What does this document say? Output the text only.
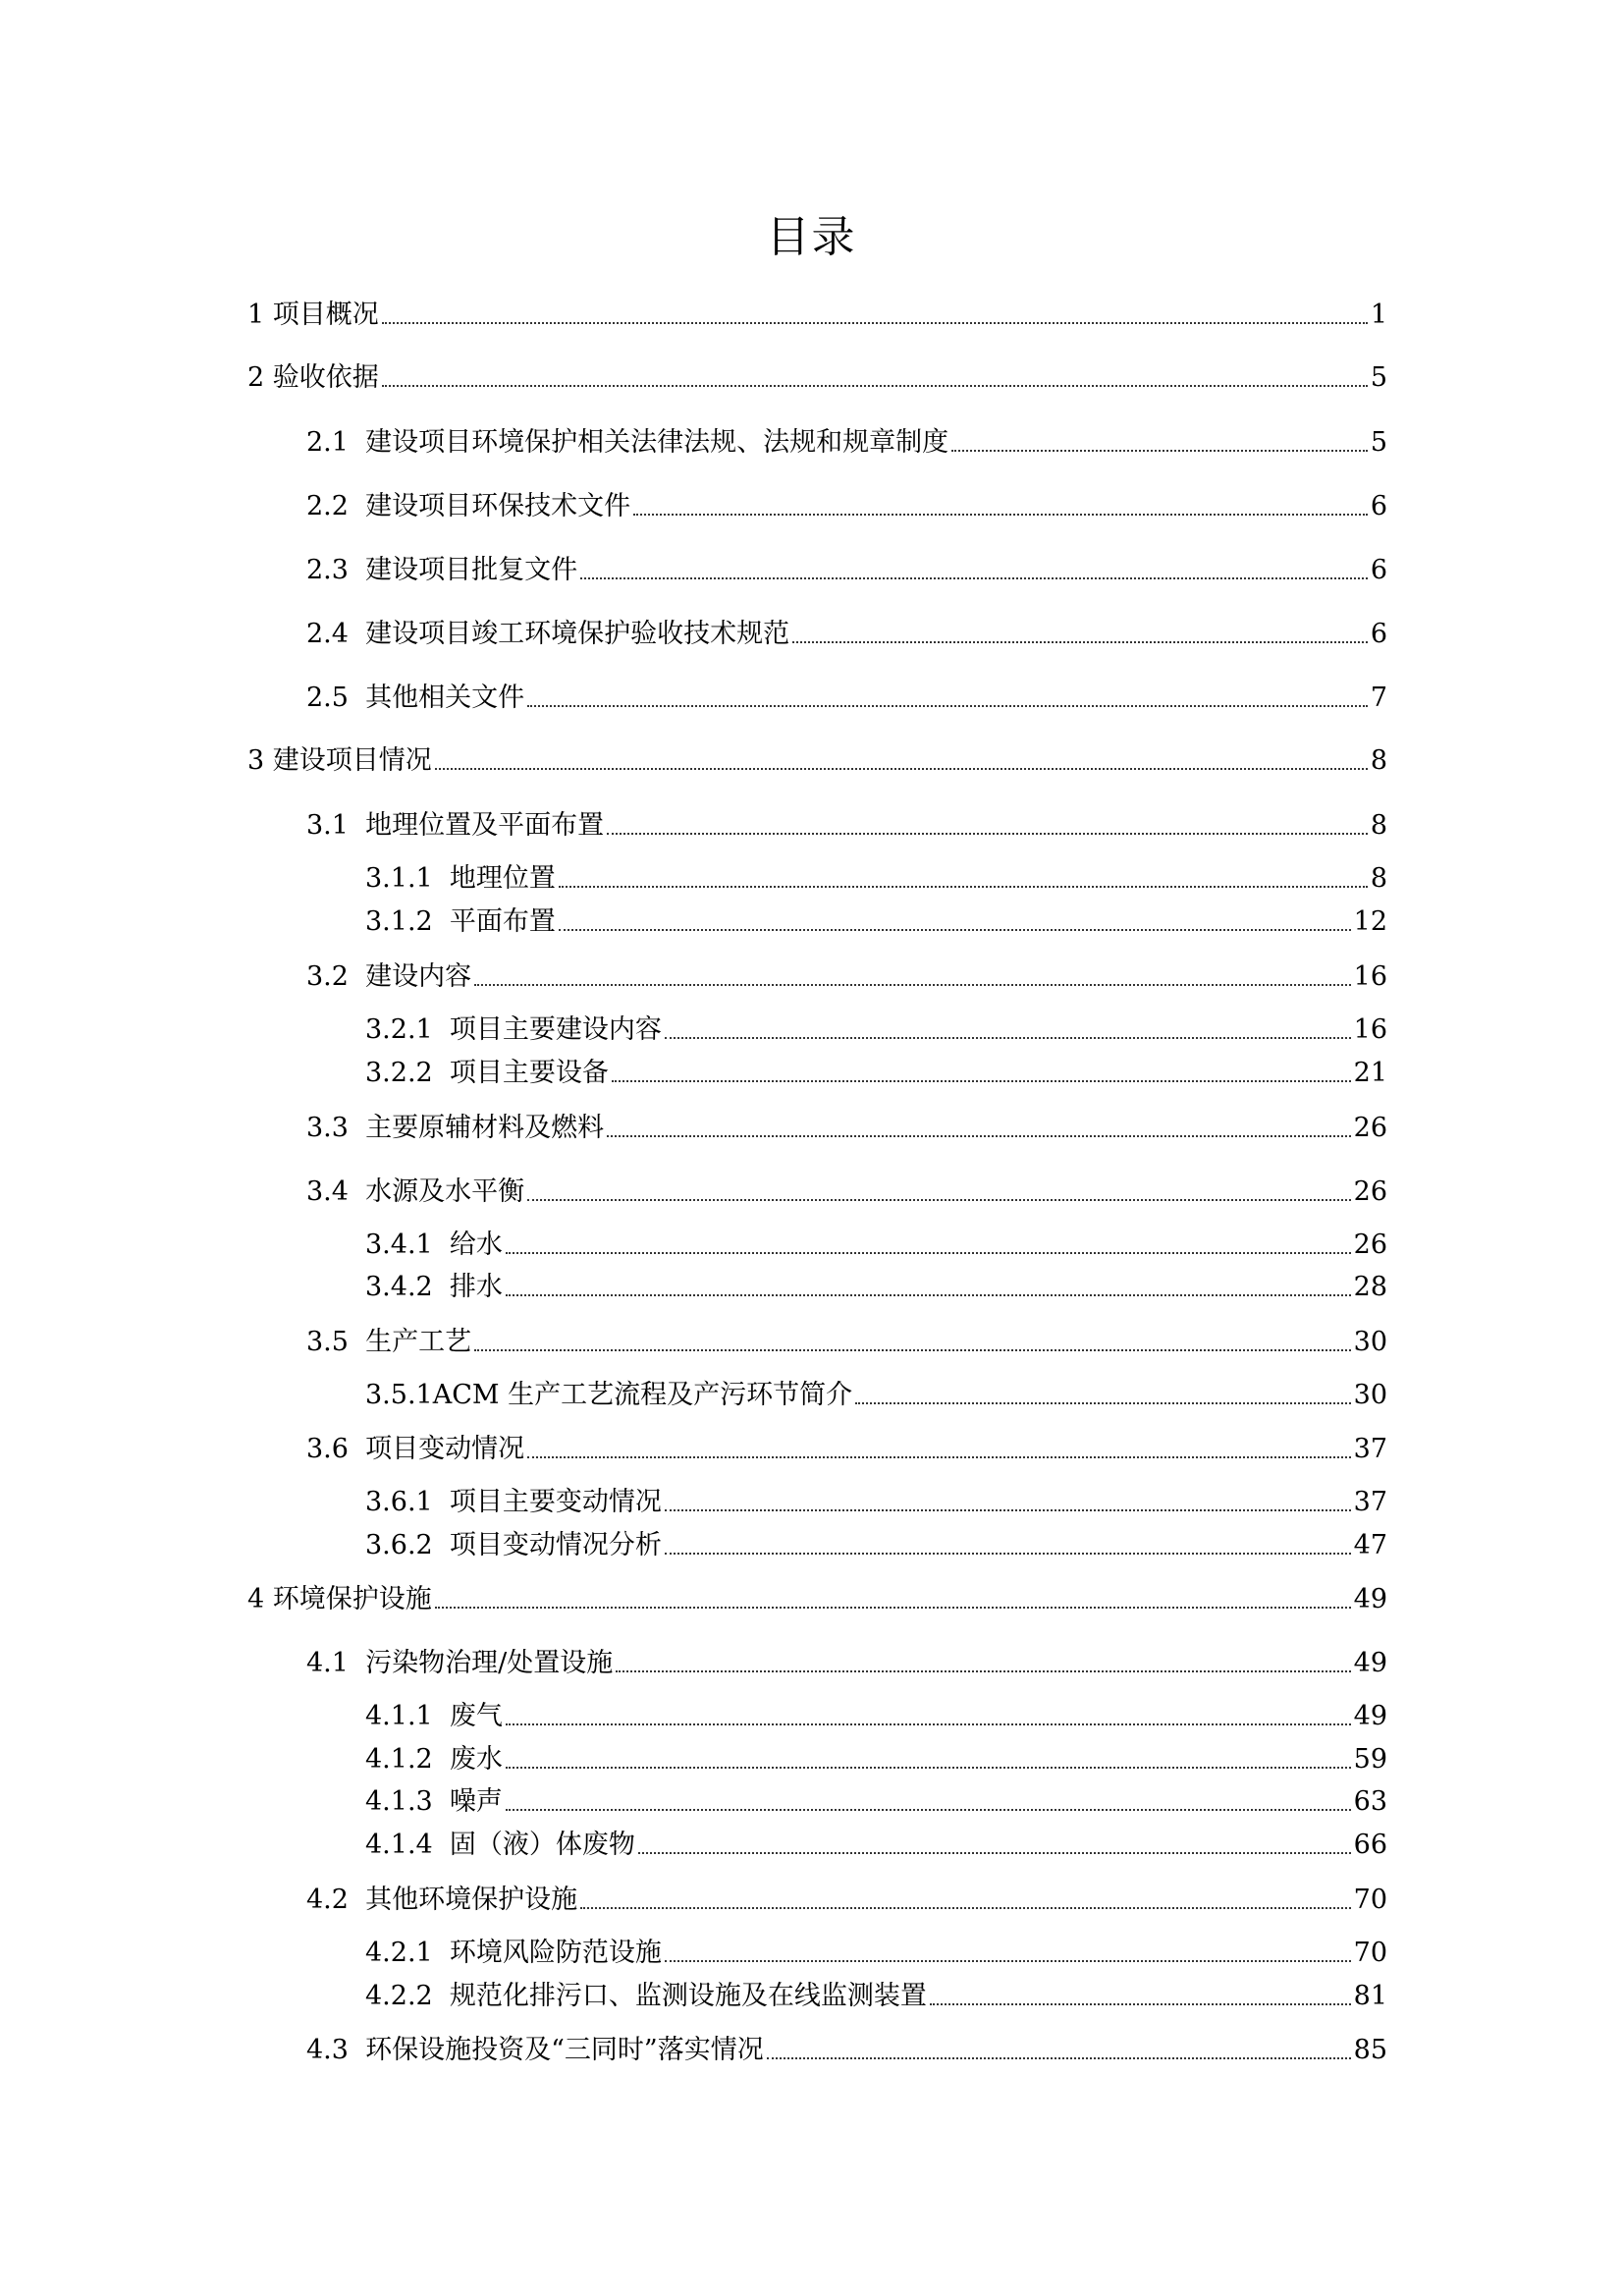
目录
1 项目概况	1
2 验收依据	5
2.1 建设项目环境保护相关法律法规、法规和规章制度	5
2.2 建设项目环保技术文件	6
2.3 建设项目批复文件	6
2.4 建设项目竣工环境保护验收技术规范	6
2.5 其他相关文件	7
3 建设项目情况	8
3.1 地理位置及平面布置	8
3.1.1 地理位置	8
3.1.2 平面布置	12
3.2 建设内容	16
3.2.1 项目主要建设内容	16
3.2.2 项目主要设备	21
3.3 主要原辅材料及燃料	26
3.4 水源及水平衡	26
3.4.1 给水	26
3.4.2 排水	28
3.5 生产工艺	30
3.5.1ACM 生产工艺流程及产污环节简介	30
3.6 项目变动情况	37
3.6.1 项目主要变动情况	37
3.6.2 项目变动情况分析	47
4 环境保护设施	49
4.1 污染物治理/处置设施	49
4.1.1 废气	49
4.1.2 废水	59
4.1.3 噪声	63
4.1.4 固（液）体废物	66
4.2 其他环境保护设施	70
4.2.1 环境风险防范设施	70
4.2.2 规范化排污口、监测设施及在线监测装置	81
4.3 环保设施投资及“三同时”落实情况	85
